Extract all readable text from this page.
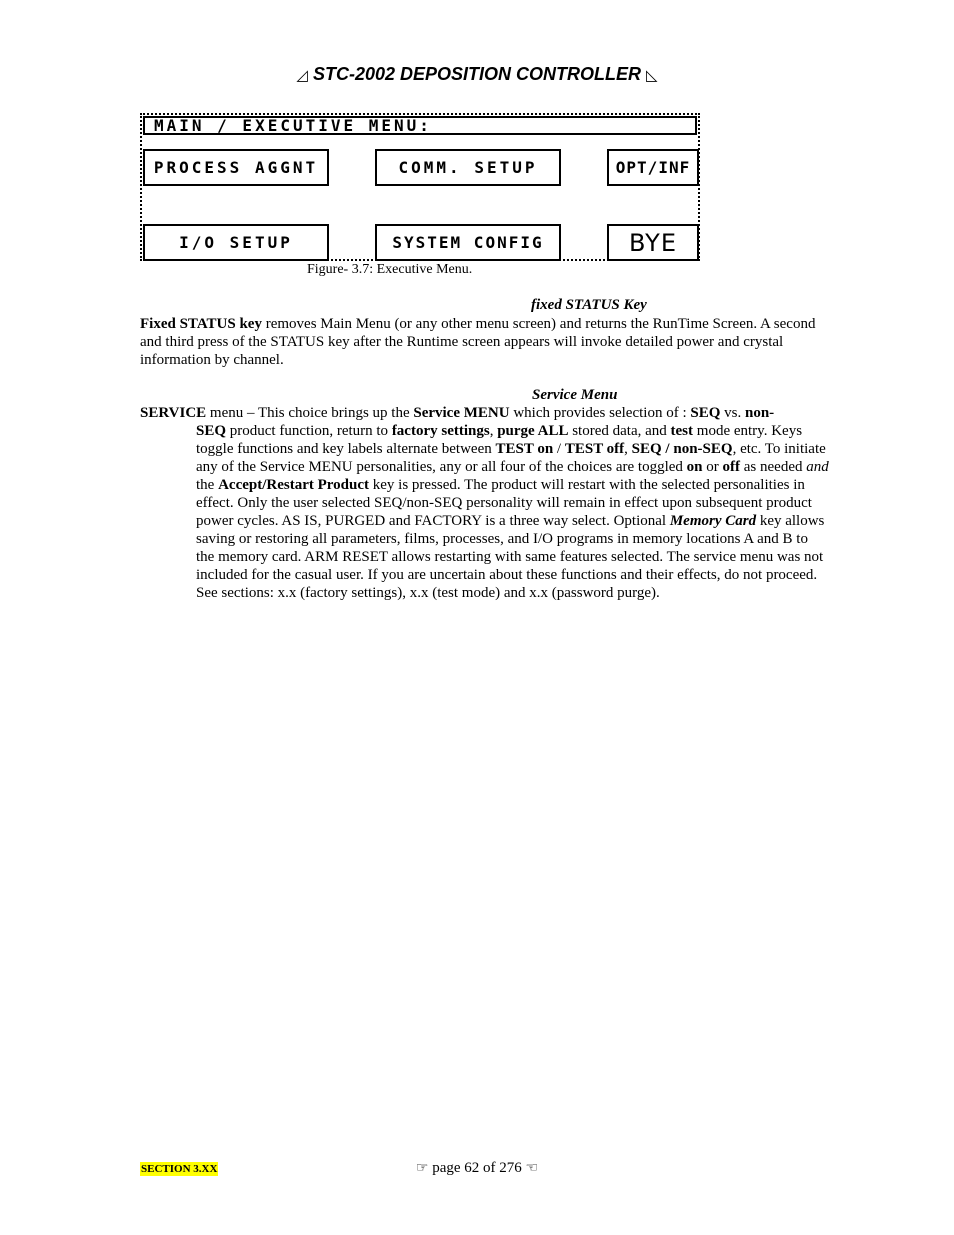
◿ STC-2002 DEPOSITION CONTROLLER ◺
MAIN / EXECUTIVE MENU:
PROCESS AGGNT	COMM. SETUP	OPT/INF
I/O SETUP	SYSTEM CONFIG	BYE
Figure- 3.7: Executive Menu.
fixed STATUS Key
Fixed STATUS key removes Main Menu (or any other menu screen) and returns the RunTime Screen. A second and third press of the STATUS key after the Runtime screen appears will invoke detailed power and crystal information by channel.
Service Menu
SERVICE menu – This choice brings up the Service MENU which provides selection of : SEQ vs. non-
SEQ product function, return to factory settings, purge ALL stored data, and test mode entry. Keys toggle functions and key labels alternate between TEST on / TEST off, SEQ / non-SEQ, etc. To initiate any of the Service MENU personalities, any or all four of the choices are toggled on or off as needed and the Accept/Restart Product key is pressed. The product will restart with the selected personalities in effect. Only the user selected SEQ/non-SEQ personality will remain in effect upon subsequent product power cycles. AS IS, PURGED and FACTORY is a three way select. Optional Memory Card key allows saving or restoring all parameters, films, processes, and I/O programs in memory locations A and B to the memory card. ARM RESET allows restarting with same features selected. The service menu was not included for the casual user. If you are uncertain about these functions and their effects, do not proceed. See sections: x.x (factory settings), x.x (test mode) and x.x (password purge).
SECTION 3.XX	☞ page 62 of 276 ☜
